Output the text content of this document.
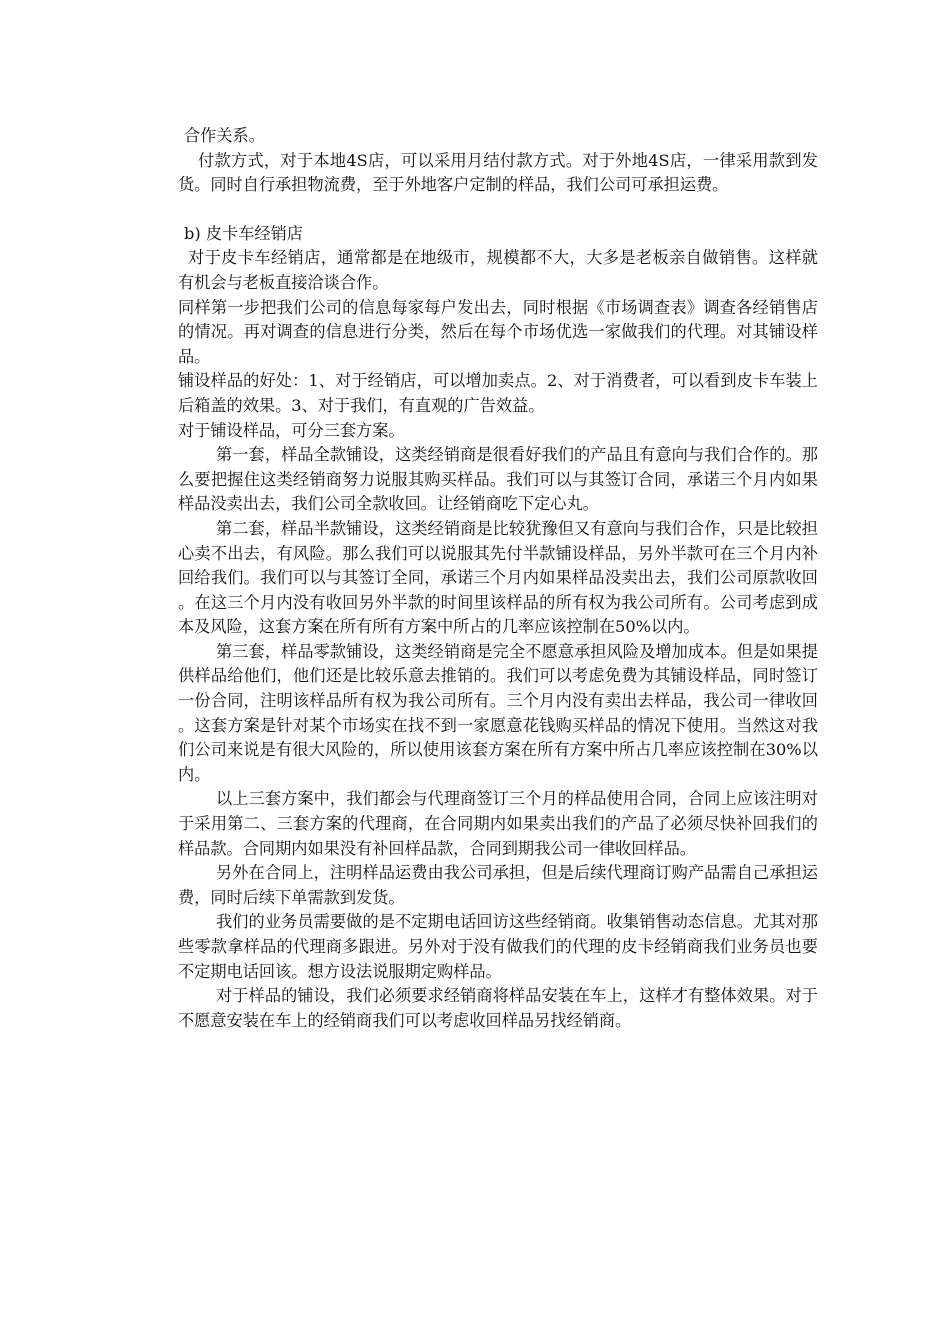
合作关系。

付款方式，对于本地4S店，可以采用月结付款方式。对于外地4S店，一律采用款到发货。同时自行承担物流费，至于外地客户定制的样品，我们公司可承担运费。

b) 皮卡车经销店

对于皮卡车经销店，通常都是在地级市，规模都不大，大多是老板亲自做销售。这样就有机会与老板直接洽谈合作。

同样第一步把我们公司的信息每家每户发出去，同时根据《市场调查表》调查各经销售店的情况。再对调查的信息进行分类，然后在每个市场优选一家做我们的代理。对其铺设样品。

铺设样品的好处：1、对于经销店，可以增加卖点。2、对于消费者，可以看到皮卡车装上后箱盖的效果。3、对于我们，有直观的广告效益。

对于铺设样品，可分三套方案。

第一套，样品全款铺设，这类经销商是很看好我们的产品且有意向与我们合作的。那么要把握住这类经销商努力说服其购买样品。我们可以与其签订合同，承诺三个月内如果样品没卖出去，我们公司全款收回。让经销商吃下定心丸。

第二套，样品半款铺设，这类经销商是比较犹豫但又有意向与我们合作，只是比较担心卖不出去，有风险。那么我们可以说服其先付半款铺设样品，另外半款可在三个月内补回给我们。我们可以与其签订全同，承诺三个月内如果样品没卖出去，我们公司原款收回。在这三个月内没有收回另外半款的时间里该样品的所有权为我公司所有。公司考虑到成本及风险，这套方案在所有所有方案中所占的几率应该控制在50%以内。

第三套，样品零款铺设，这类经销商是完全不愿意承担风险及增加成本。但是如果提供样品给他们，他们还是比较乐意去推销的。我们可以考虑免费为其铺设样品，同时签订一份合同，注明该样品所有权为我公司所有。三个月内没有卖出去样品，我公司一律收回。这套方案是针对某个市场实在找不到一家愿意花钱购买样品的情况下使用。当然这对我们公司来说是有很大风险的，所以使用该套方案在所有方案中所占几率应该控制在30%以内。

以上三套方案中，我们都会与代理商签订三个月的样品使用合同，合同上应该注明对于采用第二、三套方案的代理商，在合同期内如果卖出我们的产品了必须尽快补回我们的样品款。合同期内如果没有补回样品款，合同到期我公司一律收回样品。

另外在合同上，注明样品运费由我公司承担，但是后续代理商订购产品需自己承担运费，同时后续下单需款到发货。

我们的业务员需要做的是不定期电话回访这些经销商。收集销售动态信息。尤其对那些零款拿样品的代理商多跟进。另外对于没有做我们的代理的皮卡经销商我们业务员也要不定期电话回该。想方设法说服期定购样品。

对于样品的铺设，我们必须要求经销商将样品安装在车上，这样才有整体效果。对于不愿意安装在车上的经销商我们可以考虑收回样品另找经销商。
